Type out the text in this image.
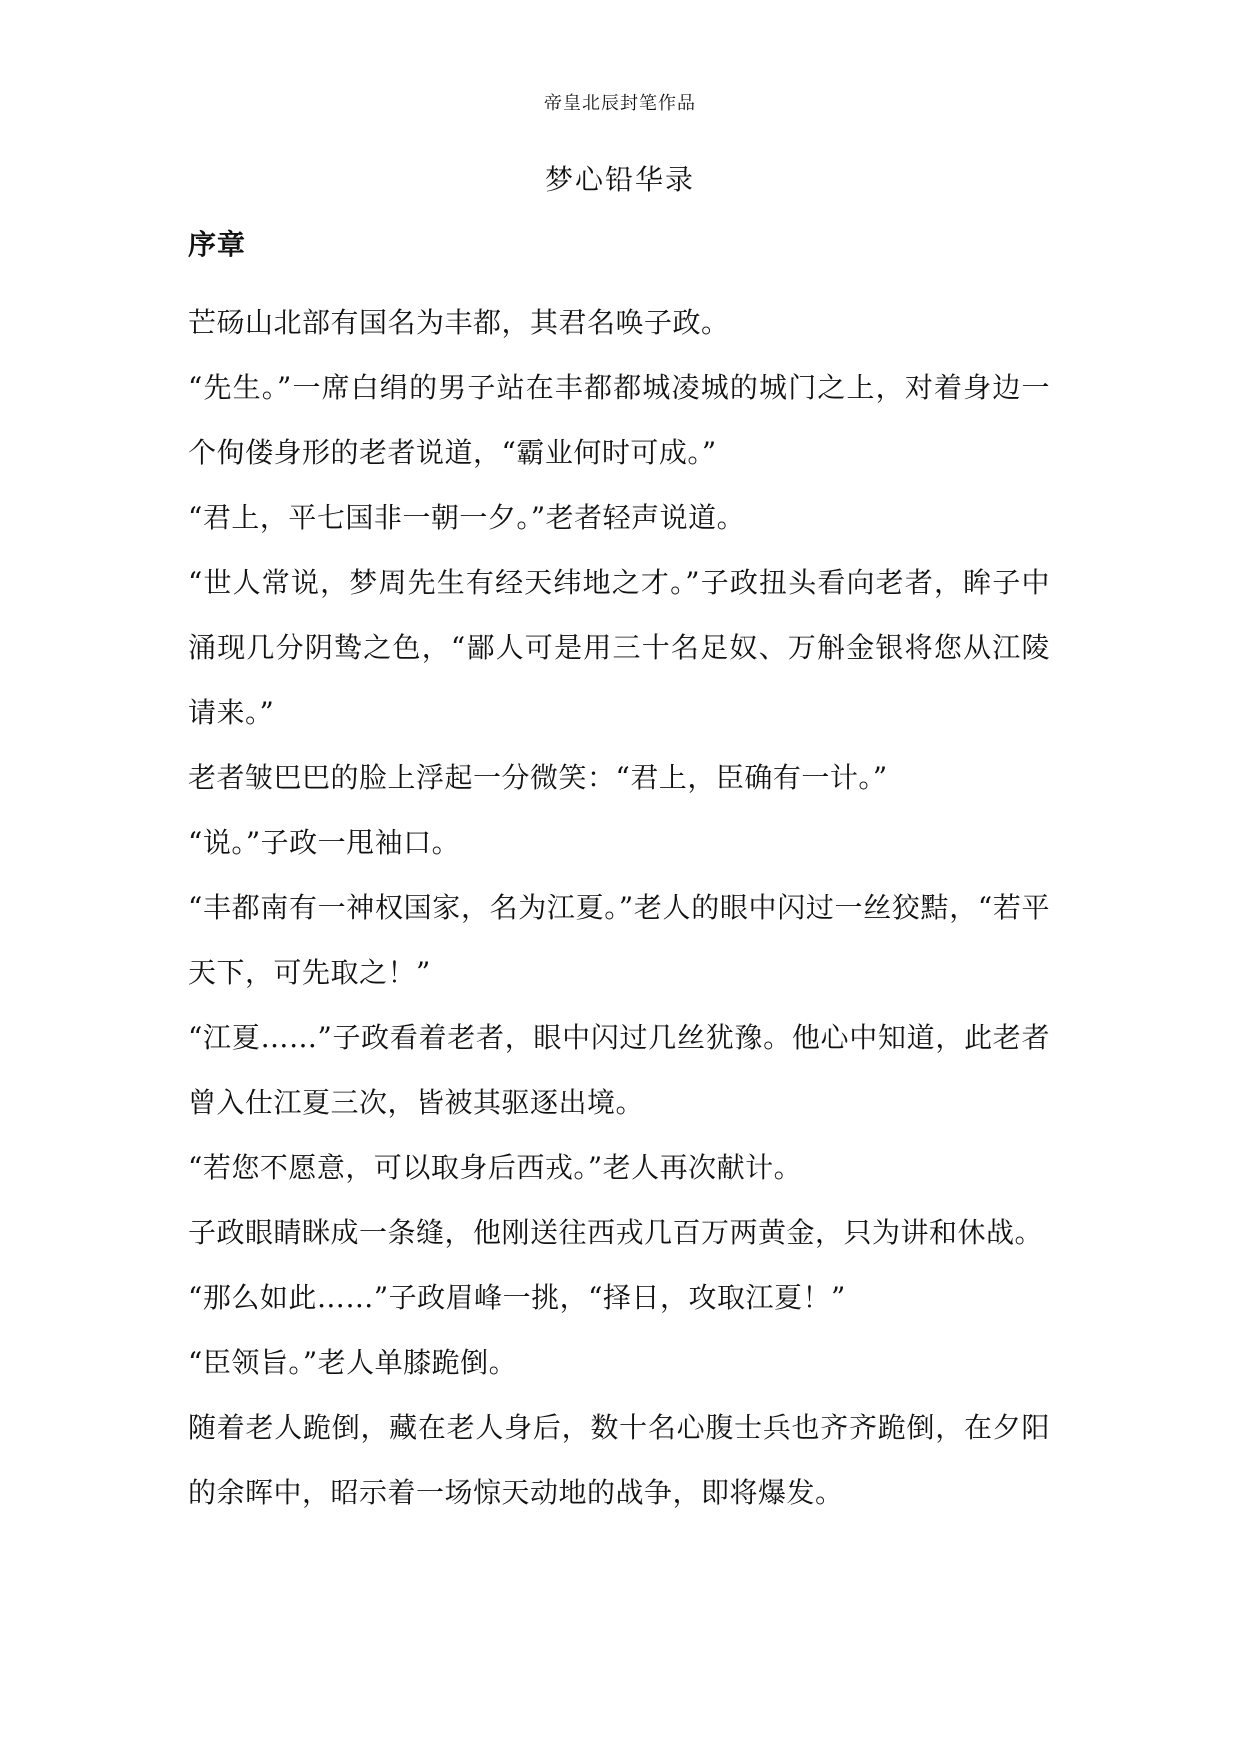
帝皇北辰封笔作品
梦心铅华录
序章

芒砀山北部有国名为丰都，其君名唤子政。

“先生。”一席白绢的男子站在丰都都城凌城的城门之上，对着身边一个佝偻身形的老者说道，“霸业何时可成。”

“君上，平七国非一朝一夕。”老者轻声说道。

“世人常说，梦周先生有经天纬地之才。”子政扭头看向老者，眸子中涌现几分阴鸷之色，“鄙人可是用三十名足奴、万斛金银将您从江陵请来。”

老者皱巴巴的脸上浮起一分微笑：“君上，臣确有一计。”

“说。”子政一甩袖口。

“丰都南有一神权国家，名为江夏。”老人的眼中闪过一丝狡黠，“若平天下，可先取之！”

“江夏……”子政看着老者，眼中闪过几丝犹豫。他心中知道，此老者曾入仕江夏三次，皆被其驱逐出境。

“若您不愿意，可以取身后西戎。”老人再次献计。

子政眼睛眯成一条缝，他刚送往西戎几百万两黄金，只为讲和休战。

“那么如此……”子政眉峰一挑，“择日，攻取江夏！”

“臣领旨。”老人单膝跪倒。

随着老人跪倒，藏在老人身后，数十名心腹士兵也齐齐跪倒，在夕阳的余晖中，昭示着一场惊天动地的战争，即将爆发。
